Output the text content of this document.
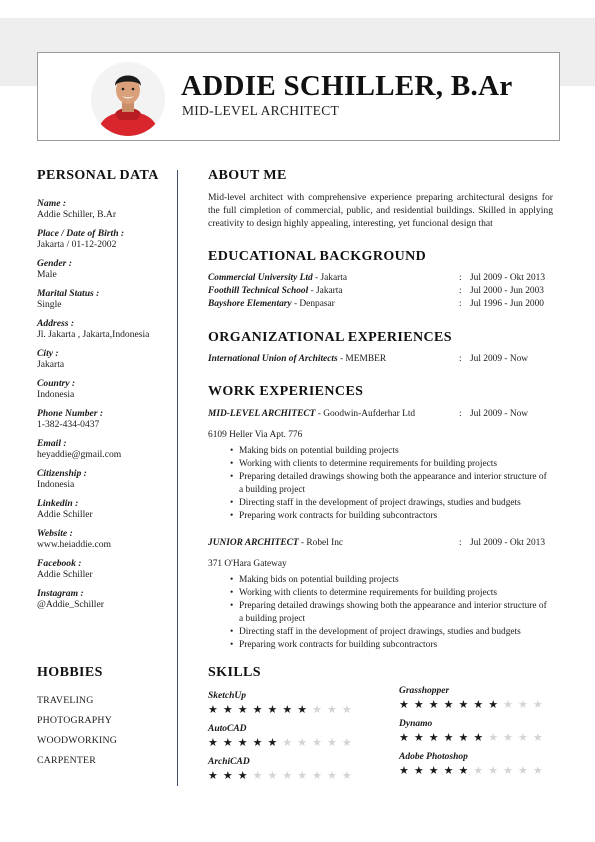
ADDIE SCHILLER, B.Ar
MID-LEVEL ARCHITECT
PERSONAL DATA
Name :
Addie Schiller, B.Ar
Place / Date of Birth :
Jakarta / 01-12-2002
Gender :
Male
Marital Status :
Single
Address :
Jl. Jakarta , Jakarta,Indonesia
City :
Jakarta
Country :
Indonesia
Phone Number :
1-382-434-0437
Email :
heyaddie@gmail.com
Citizenship :
Indonesia
Linkedin :
Addie Schiller
Website :
www.heiaddie.com
Facebook :
Addie Schiller
Instagram :
@Addie_Schiller
HOBBIES
TRAVELING
PHOTOGRAPHY
WOODWORKING
CARPENTER
ABOUT ME
Mid-level architect with comprehensive experience preparing architectural designs for the full cimpletion of commercial, public, and residential buildings. Skilled in applying creativity to design highly appealing, interesting, yet funcional design that
EDUCATIONAL BACKGROUND
Commercial University Ltd - Jakarta	: Jul 2009 - Okt 2013
Foothill Technical School - Jakarta	: Jul 2000 - Jun 2003
Bayshore Elementary - Denpasar	: Jul 1996 - Jun 2000
ORGANIZATIONAL EXPERIENCES
International Union of Architects - MEMBER	: Jul 2009 - Now
WORK EXPERIENCES
MID-LEVEL ARCHITECT - Goodwin-Aufderhar Ltd	: Jul 2009 - Now
6109 Heller Via Apt. 776
• Making bids on potential building projects
• Working with clients to determine requirements for building projects
• Preparing detailed drawings showing both the appearance and interior structure of a building project
• Directing staff in the development of project drawings, studies and budgets
• Preparing work contracts for building subcontractors
JUNIOR ARCHITECT - Robel Inc	: Jul 2009 - Okt 2013
371 O'Hara Gateway
• Making bids on potential building projects
• Working with clients to determine requirements for building projects
• Preparing detailed drawings showing both the appearance and interior structure of a building project
• Directing staff in the development of project drawings, studies and budgets
• Preparing work contracts for building subcontractors
SKILLS
SketchUp
★ ★ ★ ★ ★ ★ ★ ★ ★ ★
Grasshopper
★ ★ ★ ★ ★ ★ ★ ★ ★ ★
AutoCAD
★ ★ ★ ★ ★ ★ ★ ★ ★ ★
Dynamo
★ ★ ★ ★ ★ ★ ★ ★ ★ ★
ArchiCAD
★ ★ ★ ★ ★ ★ ★ ★ ★ ★
Adobe Photoshop
★ ★ ★ ★ ★ ★ ★ ★ ★ ★
